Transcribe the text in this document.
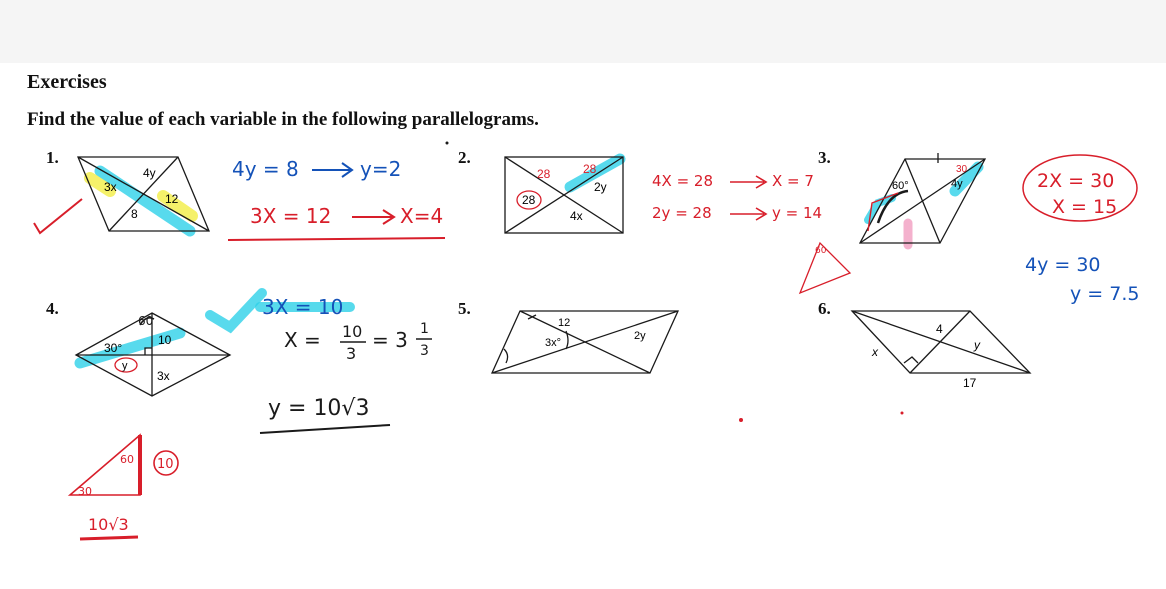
Exercises
Find the value of each variable in the following parallelograms.
1.	2.	3.
4.	5.	6.
3x
4y
8
12
4y = 8	y=2
3X = 12	X=4
28	28
2y
4x
28
4X = 28	X = 7
2y = 28	y = 14
60°	4y
30
60
2X = 30
X = 15
4y = 30
y = 7.5
30°
10
3x
y
60
3X = 10
X = 10
3
= 3 1
3
y = 10√3
60
30
10
10√3
12
3x°
2y	4
x	y
17
